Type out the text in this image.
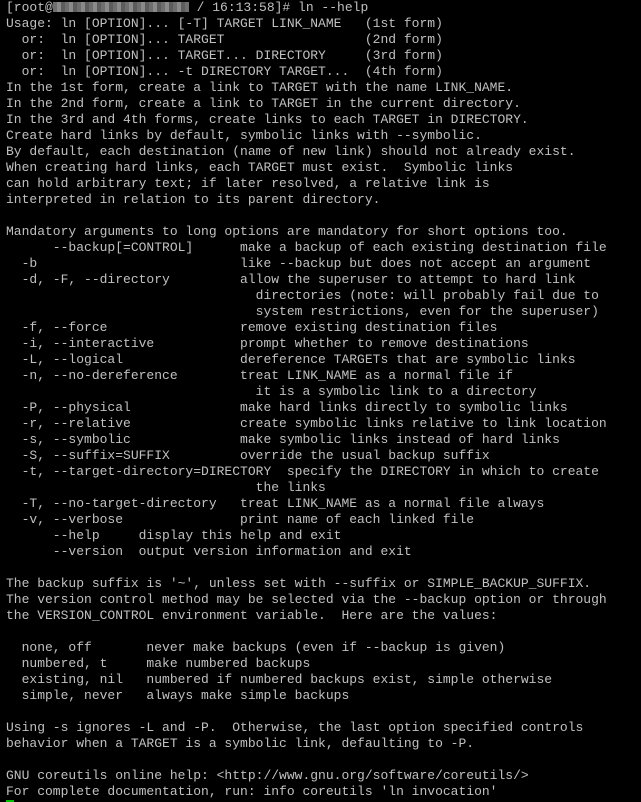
[root@	/ 16:13:58]# ln --help
Usage: ln [OPTION]... [-T] TARGET LINK_NAME   (1st form)
or:  ln [OPTION]... TARGET                  (2nd form)
or:  ln [OPTION]... TARGET... DIRECTORY     (3rd form)
or:  ln [OPTION]... -t DIRECTORY TARGET...  (4th form)
In the 1st form, create a link to TARGET with the name LINK_NAME.
In the 2nd form, create a link to TARGET in the current directory.
In the 3rd and 4th forms, create links to each TARGET in DIRECTORY.
Create hard links by default, symbolic links with --symbolic.
By default, each destination (name of new link) should not already exist.
When creating hard links, each TARGET must exist.  Symbolic links
can hold arbitrary text; if later resolved, a relative link is
interpreted in relation to its parent directory.
Mandatory arguments to long options are mandatory for short options too.
--backup[=CONTROL]      make a backup of each existing destination file
-b                          like --backup but does not accept an argument
-d, -F, --directory         allow the superuser to attempt to hard link
directories (note: will probably fail due to
system restrictions, even for the superuser)
-f, --force                 remove existing destination files
-i, --interactive           prompt whether to remove destinations
-L, --logical               dereference TARGETs that are symbolic links
-n, --no-dereference        treat LINK_NAME as a normal file if
it is a symbolic link to a directory
-P, --physical              make hard links directly to symbolic links
-r, --relative              create symbolic links relative to link location
-s, --symbolic              make symbolic links instead of hard links
-S, --suffix=SUFFIX         override the usual backup suffix
-t, --target-directory=DIRECTORY  specify the DIRECTORY in which to create
the links
-T, --no-target-directory   treat LINK_NAME as a normal file always
-v, --verbose               print name of each linked file
--help     display this help and exit
--version  output version information and exit
The backup suffix is '~', unless set with --suffix or SIMPLE_BACKUP_SUFFIX.
The version control method may be selected via the --backup option or through
the VERSION_CONTROL environment variable.  Here are the values:
none, off       never make backups (even if --backup is given)
numbered, t     make numbered backups
existing, nil   numbered if numbered backups exist, simple otherwise
simple, never   always make simple backups
Using -s ignores -L and -P.  Otherwise, the last option specified controls
behavior when a TARGET is a symbolic link, defaulting to -P.
GNU coreutils online help: <http://www.gnu.org/software/coreutils/>
For complete documentation, run: info coreutils 'ln invocation'
